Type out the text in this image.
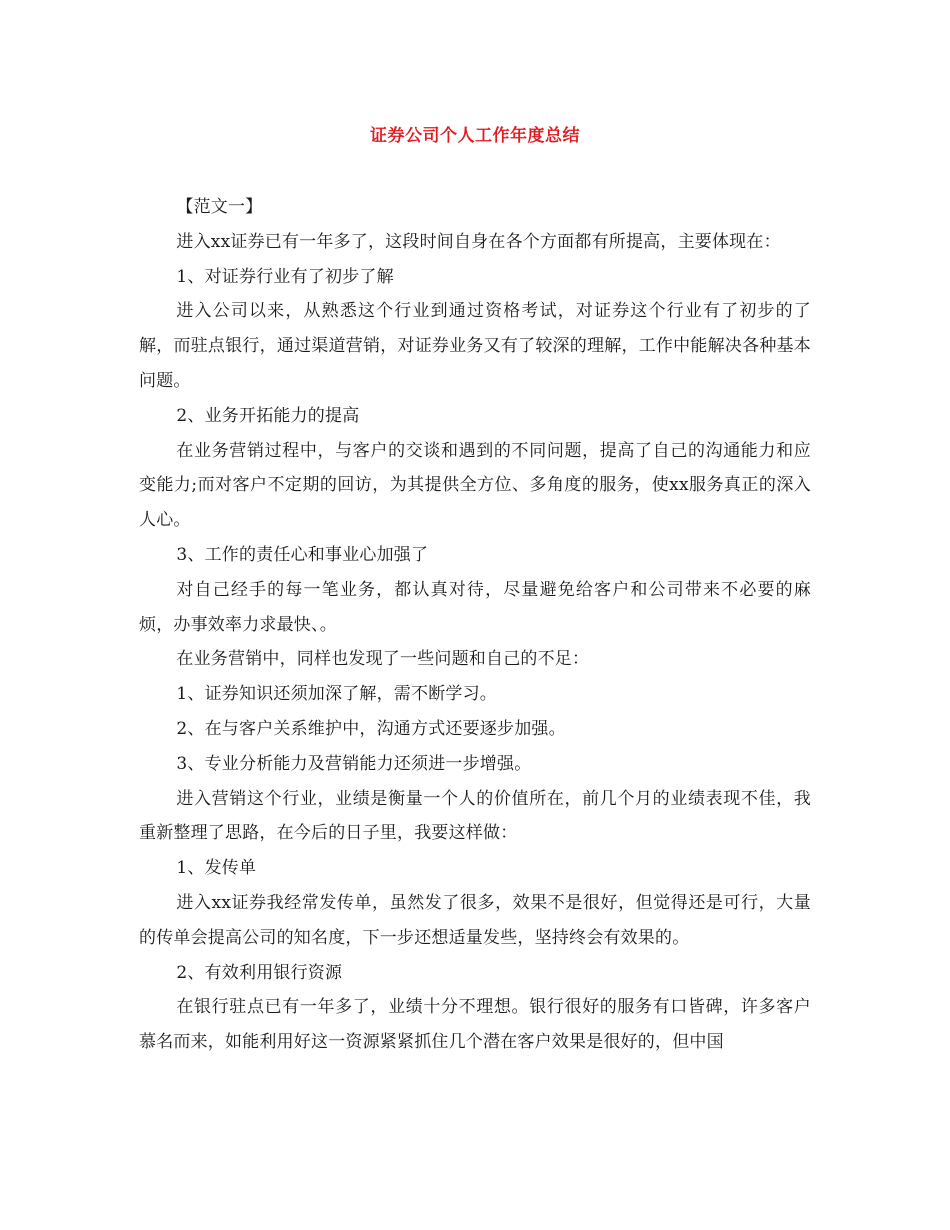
证券公司个人工作年度总结

【范文一】

进入xx证券已有一年多了，这段时间自身在各个方面都有所提高，主要体现在：

1、对证券行业有了初步了解

进入公司以来，从熟悉这个行业到通过资格考试，对证券这个行业有了初步的了解，而驻点银行，通过渠道营销，对证券业务又有了较深的理解，工作中能解决各种基本问题。

2、业务开拓能力的提高

在业务营销过程中，与客户的交谈和遇到的不同问题，提高了自己的沟通能力和应变能力;而对客户不定期的回访，为其提供全方位、多角度的服务，使xx服务真正的深入人心。

3、工作的责任心和事业心加强了

对自己经手的每一笔业务，都认真对待，尽量避免给客户和公司带来不必要的麻烦，办事效率力求最快、。

在业务营销中，同样也发现了一些问题和自己的不足：

1、证券知识还须加深了解，需不断学习。

2、在与客户关系维护中，沟通方式还要逐步加强。

3、专业分析能力及营销能力还须进一步增强。

进入营销这个行业，业绩是衡量一个人的价值所在，前几个月的业绩表现不佳，我重新整理了思路，在今后的日子里，我要这样做：

1、发传单

进入xx证券我经常发传单，虽然发了很多，效果不是很好，但觉得还是可行，大量的传单会提高公司的知名度，下一步还想适量发些，坚持终会有效果的。

2、有效利用银行资源

在银行驻点已有一年多了，业绩十分不理想。银行很好的服务有口皆碑，许多客户慕名而来，如能利用好这一资源紧紧抓住几个潜在客户效果是很好的，但中国
